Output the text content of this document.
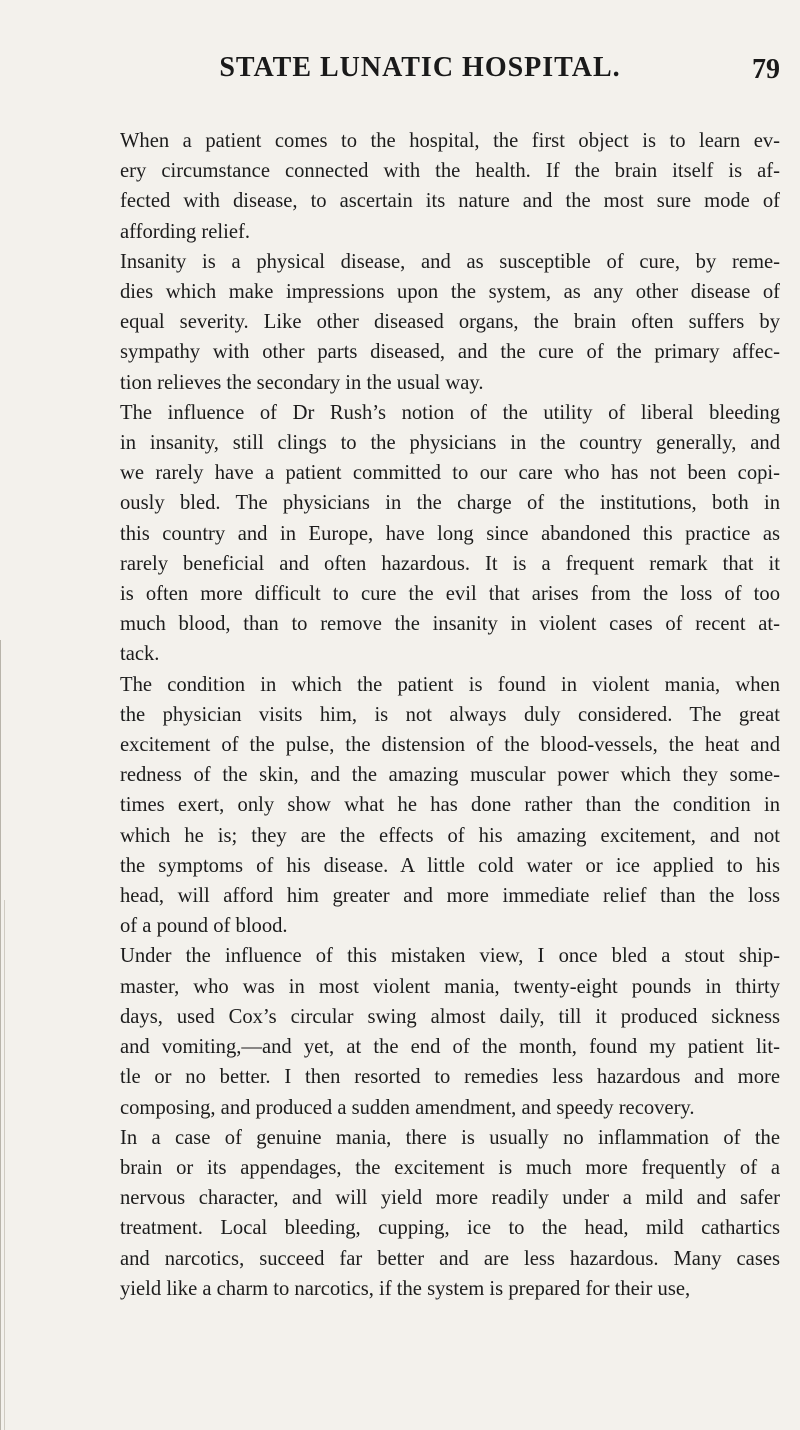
STATE LUNATIC HOSPITAL.	79
When a patient comes to the hospital, the first object is to learn ev-
ery circumstance connected with the health. If the brain itself is af-
fected with disease, to ascertain its nature and the most sure mode of
affording relief.
Insanity is a physical disease, and as susceptible of cure, by reme-
dies which make impressions upon the system, as any other disease of
equal severity. Like other diseased organs, the brain often suffers by
sympathy with other parts diseased, and the cure of the primary affec-
tion relieves the secondary in the usual way.
The influence of Dr Rush’s notion of the utility of liberal bleeding
in insanity, still clings to the physicians in the country generally, and
we rarely have a patient committed to our care who has not been copi-
ously bled. The physicians in the charge of the institutions, both in
this country and in Europe, have long since abandoned this practice as
rarely beneficial and often hazardous. It is a frequent remark that it
is often more difficult to cure the evil that arises from the loss of too
much blood, than to remove the insanity in violent cases of recent at-
tack.
The condition in which the patient is found in violent mania, when
the physician visits him, is not always duly considered. The great
excitement of the pulse, the distension of the blood-vessels, the heat and
redness of the skin, and the amazing muscular power which they some-
times exert, only show what he has done rather than the condition in
which he is; they are the effects of his amazing excitement, and not
the symptoms of his disease. A little cold water or ice applied to his
head, will afford him greater and more immediate relief than the loss
of a pound of blood.
Under the influence of this mistaken view, I once bled a stout ship-
master, who was in most violent mania, twenty-eight pounds in thirty
days, used Cox’s circular swing almost daily, till it produced sickness
and vomiting,—and yet, at the end of the month, found my patient lit-
tle or no better. I then resorted to remedies less hazardous and more
composing, and produced a sudden amendment, and speedy recovery.
In a case of genuine mania, there is usually no inflammation of the
brain or its appendages, the excitement is much more frequently of a
nervous character, and will yield more readily under a mild and safer
treatment. Local bleeding, cupping, ice to the head, mild cathartics
and narcotics, succeed far better and are less hazardous. Many cases
yield like a charm to narcotics, if the system is prepared for their use,
